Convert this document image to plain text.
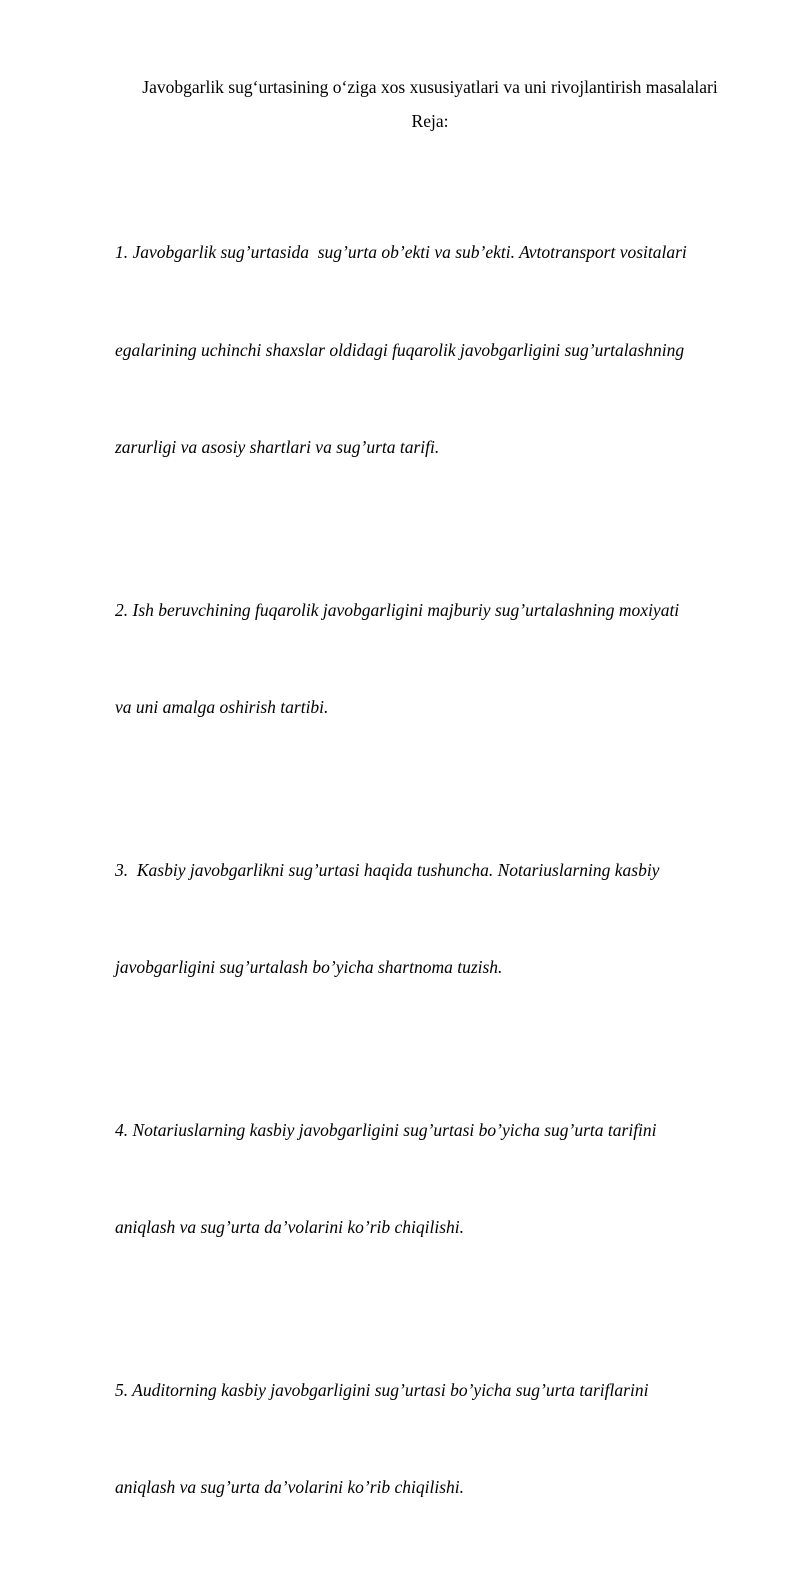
Javobgarlik sug‘urtasining o‘ziga xos xususiyatlari va uni rivojlantirish masalalari
Reja:

1. Javobgarlik sug’urtasida  sug’urta ob’ekti va sub’ekti. Avtotransport vositalari

egalarining uchinchi shaxslar oldidagi fuqarolik javobgarligini sug’urtalashning

zarurligi va asosiy shartlari va sug’urta tarifi.

2. Ish beruvchining fuqarolik javobgarligini majburiy sug’urtalashning moxiyati

va uni amalga oshirish tartibi.

3.  Kasbiy javobgarlikni sug’urtasi haqida tushuncha. Notariuslarning kasbiy

javobgarligini sug’urtalash bo’yicha shartnoma tuzish.

4. Notariuslarning kasbiy javobgarligini sug’urtasi bo’yicha sug’urta tarifini

aniqlash va sug’urta da’volarini ko’rib chiqilishi.

5. Auditorning kasbiy javobgarligini sug’urtasi bo’yicha sug’urta tariflarini

aniqlash va sug’urta da’volarini ko’rib chiqilishi.
